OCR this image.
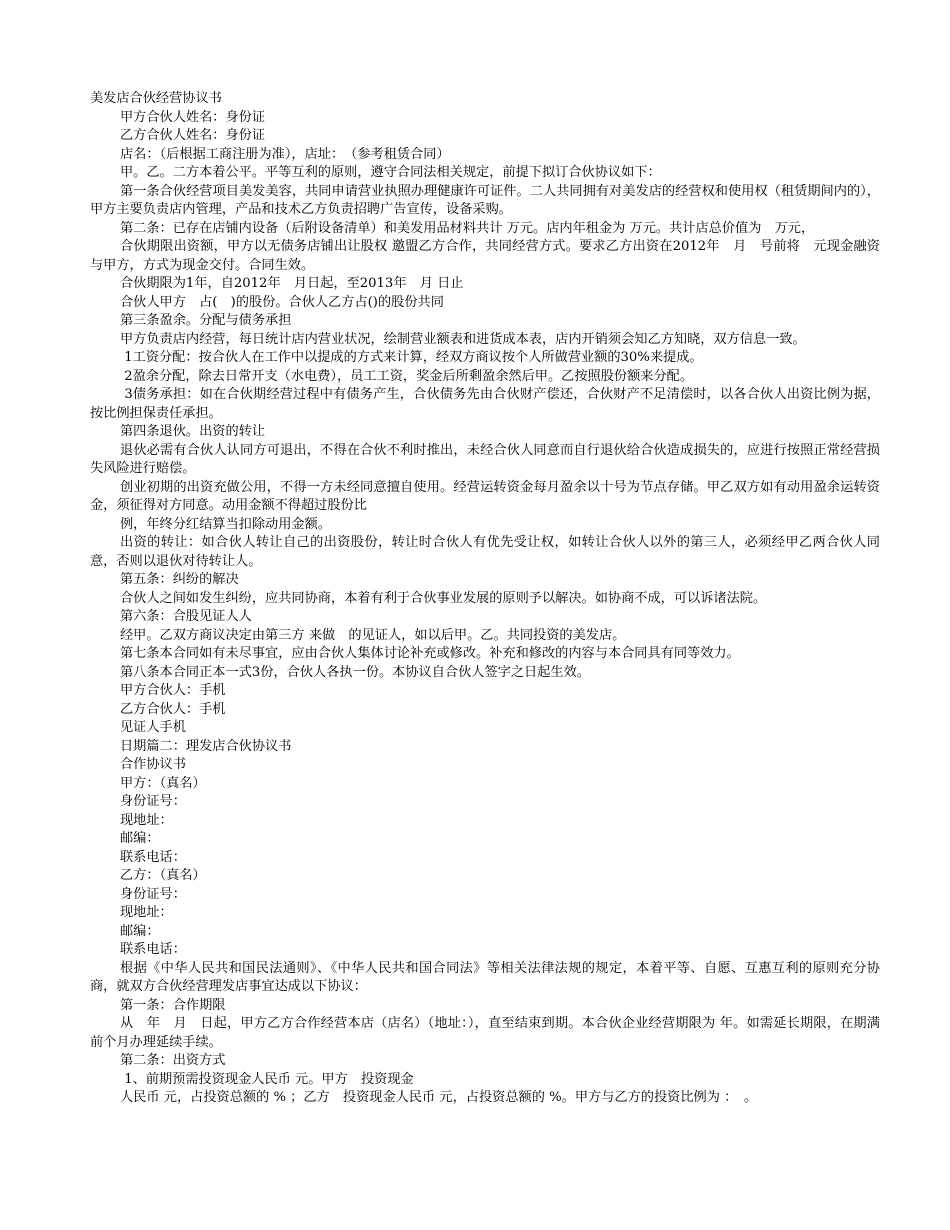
美发店合伙经营协议书

甲方合伙人姓名：身份证

乙方合伙人姓名：身份证

店名：（后根据工商注册为准），店址：　（参考租赁合同）

甲。乙。二方本着公平。平等互利的原则，遵守合同法相关规定，前提下拟订合伙协议如下：

第一条合伙经营项目美发美容，共同申请营业执照办理健康许可证件。二人共同拥有对美发店的经营权和使用权（租赁期间内的），甲方主要负责店内管理，产品和技术乙方负责招聘广告宣传，设备采购。

第二条：已存在店铺内设备（后附设备清单）和美发用品材料共计 万元。店内年租金为 万元。共计店总价值为　万元，

合伙期限出资额，甲方以无债务店铺出让股权 邀盟乙方合作，共同经营方式。要求乙方出资在2012年　月　号前将　元现金融资与甲方，方式为现金交付。合同生效。

合伙期限为1年，自2012年　月日起，至2013年　月 日止

合伙人甲方　占(　)的股份。合伙人乙方占()的股份共同

第三条盈余。分配与债务承担

甲方负责店内经营，每日统计店内营业状况，绘制营业额表和进货成本表，店内开销须会知乙方知晓，双方信息一致。

1工资分配：按合伙人在工作中以提成的方式来计算，经双方商议按个人所做营业额的30%来提成。

2盈余分配，除去日常开支（水电费），员工工资，奖金后所剩盈余然后甲。乙按照股份额来分配。

3债务承担：如在合伙期经营过程中有债务产生，合伙债务先由合伙财产偿还，合伙财产不足清偿时，以各合伙人出资比例为据，按比例担保责任承担。

第四条退伙。出资的转让

退伙必需有合伙人认同方可退出，不得在合伙不利时推出，未经合伙人同意而自行退伙给合伙造成损失的，应进行按照正常经营损失风险进行赔偿。

创业初期的出资充做公用，不得一方未经同意擅自使用。经营运转资金每月盈余以十号为节点存储。甲乙双方如有动用盈余运转资金，须征得对方同意。动用金额不得超过股份比

例，年终分红结算当扣除动用金额。

出资的转让：如合伙人转让自己的出资股份，转让时合伙人有优先受让权，如转让合伙人以外的第三人，必须经甲乙两合伙人同意，否则以退伙对待转让人。

第五条：纠纷的解决

合伙人之间如发生纠纷，应共同协商，本着有利于合伙事业发展的原则予以解决。如协商不成，可以诉诸法院。

第六条：合股见证人人

经甲。乙双方商议决定由第三方 来做　的见证人，如以后甲。乙。共同投资的美发店。

第七条本合同如有未尽事宜，应由合伙人集体讨论补充或修改。补充和修改的内容与本合同具有同等效力。

第八条本合同正本一式3份，合伙人各执一份。本协议自合伙人签字之日起生效。

甲方合伙人：手机

乙方合伙人：手机

见证人手机

日期篇二：理发店合伙协议书

合作协议书

甲方：（真名）

身份证号：

现地址：

邮编：

联系电话：

乙方：（真名）

身份证号：

现地址：

邮编：

联系电话：

根据《中华人民共和国民法通则》、《中华人民共和国合同法》等相关法律法规的规定，本着平等、自愿、互惠互利的原则充分协商，就双方合伙经营理发店事宜达成以下协议：

第一条：合作期限

从　年　月　日起，甲方乙方合作经营本店（店名）（地址：），直至结束到期。本合伙企业经营期限为 年。如需延长期限，在期满前个月办理延续手续。

第二条：出资方式

1、前期预需投资现金人民币 元。甲方　投资现金

人民币 元，占投资总额的 % ；乙方　投资现金人民币 元，占投资总额的 %。甲方与乙方的投资比例为 ：　。
